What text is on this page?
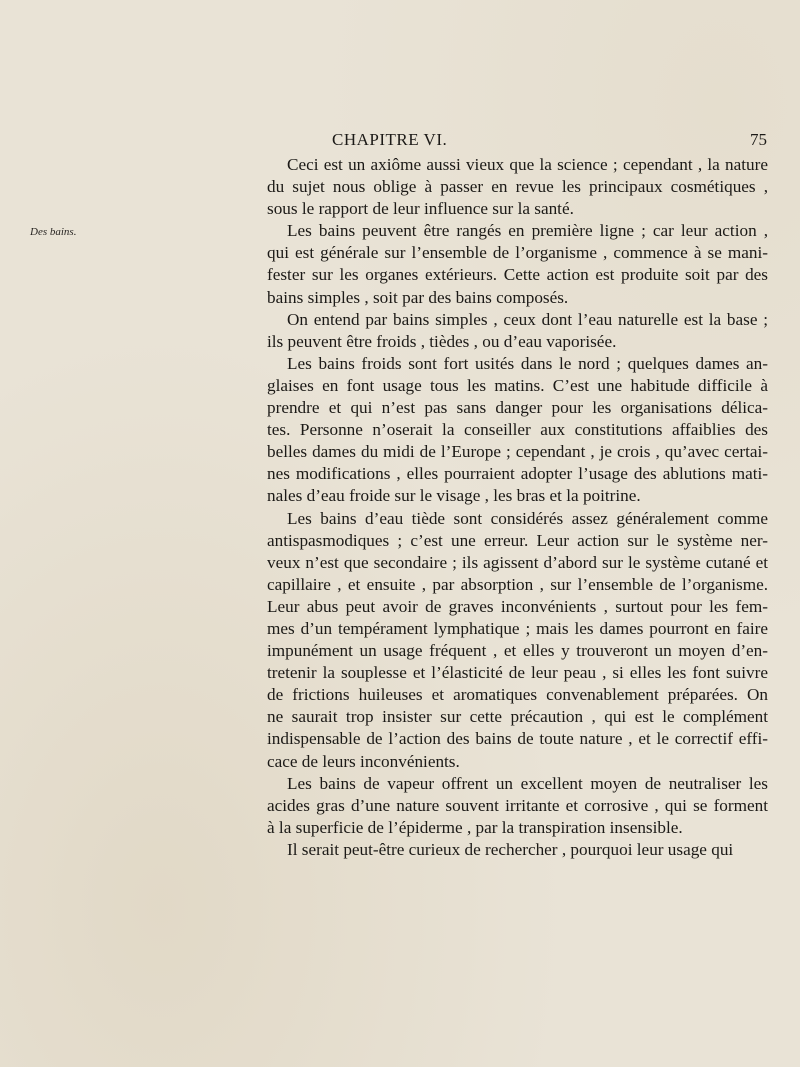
CHAPITRE VI.	75
Des bains.
Ceci est un axiôme aussi vieux que la science ; cependant , la nature
du sujet nous oblige à passer en revue les principaux cosmétiques ,
sous le rapport de leur influence sur la santé.
Les bains peuvent être rangés en première ligne ; car leur action ,
qui est générale sur l’ensemble de l’organisme , commence à se mani-
fester sur les organes extérieurs. Cette action est produite soit par des
bains simples , soit par des bains composés.
On entend par bains simples , ceux dont l’eau naturelle est la base ;
ils peuvent être froids , tièdes , ou d’eau vaporisée.
Les bains froids sont fort usités dans le nord ; quelques dames an-
glaises en font usage tous les matins. C’est une habitude difficile à
prendre et qui n’est pas sans danger pour les organisations délica-
tes. Personne n’oserait la conseiller aux constitutions affaiblies des
belles dames du midi de l’Europe ; cependant , je crois , qu’avec certai-
nes modifications , elles pourraient adopter l’usage des ablutions mati-
nales d’eau froide sur le visage , les bras et la poitrine.
Les bains d’eau tiède sont considérés assez généralement comme
antispasmodiques ; c’est une erreur. Leur action sur le système ner-
veux n’est que secondaire ; ils agissent d’abord sur le système cutané et
capillaire , et ensuite , par absorption , sur l’ensemble de l’organisme.
Leur abus peut avoir de graves inconvénients , surtout pour les fem-
mes d’un tempérament lymphatique ; mais les dames pourront en faire
impunément un usage fréquent , et elles y trouveront un moyen d’en-
tretenir la souplesse et l’élasticité de leur peau , si elles les font suivre
de frictions huileuses et aromatiques convenablement préparées. On
ne saurait trop insister sur cette précaution , qui est le complément
indispensable de l’action des bains de toute nature , et le correctif effi-
cace de leurs inconvénients.
Les bains de vapeur offrent un excellent moyen de neutraliser les
acides gras d’une nature souvent irritante et corrosive , qui se forment
à la superficie de l’épiderme , par la transpiration insensible.
Il serait peut-être curieux de rechercher , pourquoi leur usage qui
